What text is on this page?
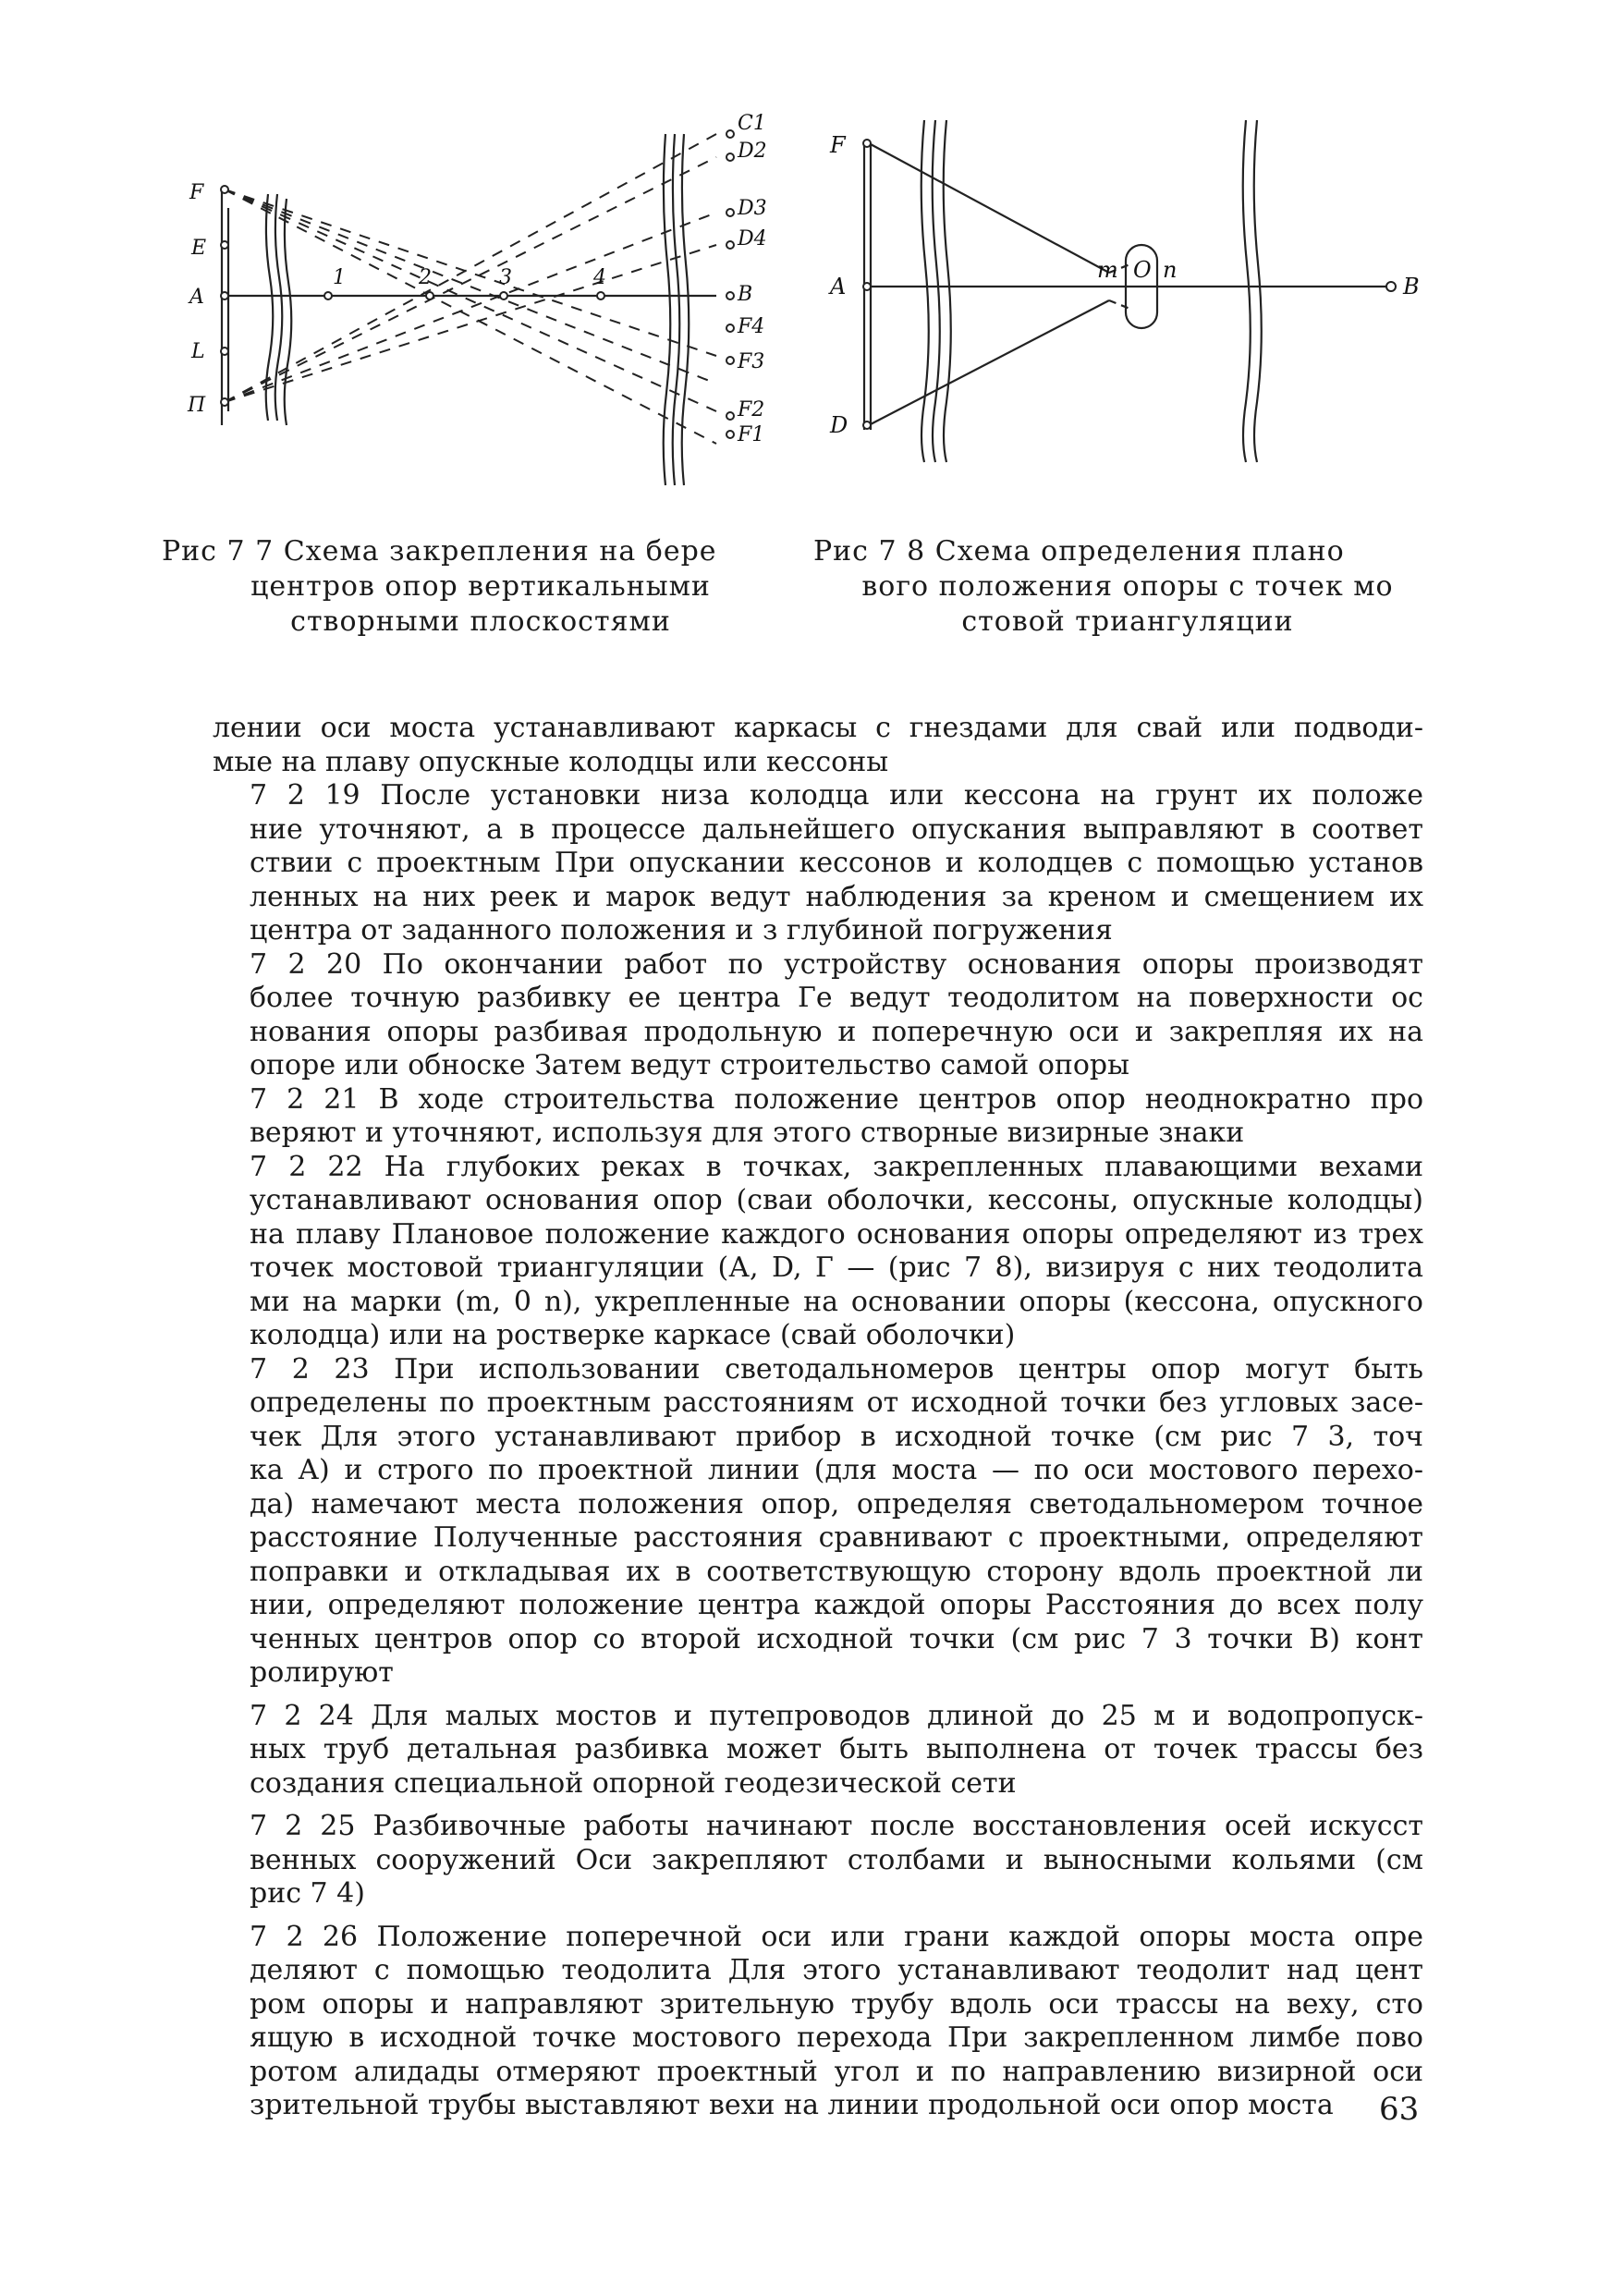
F
E
A
L
П
1	2	3	4
C1
D2
D3
D4
B
F4
F3
F2
F1
F
A
D
m O n
B
Рис 7 7 Схема закрепления на бере
центров опор вертикальными
створными плоскостями
Рис 7 8 Схема определения плано
вого положения опоры с точек мо
стовой триангуляции

лении оси моста устанавливают каркасы с гнездами для свай или подводи-
мые на плаву опускные колодцы или кессоны

7 2 19 После установки низа колодца или кессона на грунт их положе
ние уточняют, а в процессе дальнейшего опускания выправляют в соответ
ствии с проектным При опускании кессонов и колодцев с помощью установ
ленных на них реек и марок ведут наблюдения за креном и смещением их
центра от заданного положения и з глубиной погружения

7 2 20 По окончании работ по устройству основания опоры производят
более точную разбивку ее центра Ге ведут теодолитом на поверхности ос
нования опоры разбивая продольную и поперечную оси и закрепляя их на
опоре или обноске Затем ведут строительство самой опоры

7 2 21 В ходе строительства положение центров опор неоднократно про
веряют и уточняют, используя для этого створные визирные знаки

7 2 22 На глубоких реках в точках, закрепленных плавающими вехами
устанавливают основания опор (сваи оболочки, кессоны, опускные колодцы)
на плаву Плановое положение каждого основания опоры определяют из трех
точек мостовой триангуляции (А, D, Г — (рис 7 8), визируя с них теодолита
ми на марки (m, 0 n), укрепленные на основании опоры (кессона, опускного
колодца) или на ростверке каркасе (свай оболочки)

7 2 23 При использовании светодальномеров центры опор могут быть
определены по проектным расстояниям от исходной точки без угловых засе-
чек Для этого устанавливают прибор в исходной точке (см рис 7 3, точ
ка А) и строго по проектной линии (для моста — по оси мостового перехо-
да) намечают места положения опор, определяя светодальномером точное
расстояние Полученные расстояния сравнивают с проектными, определяют
поправки и откладывая их в соответствующую сторону вдоль проектной ли
нии, определяют положение центра каждой опоры Расстояния до всех полу
ченных центров опор со второй исходной точки (см рис 7 3 точки В) конт
ролируют

7 2 24 Для малых мостов и путепроводов длиной до 25 м и водопропуск-
ных труб детальная разбивка может быть выполнена от точек трассы без
создания специальной опорной геодезической сети

7 2 25 Разбивочные работы начинают после восстановления осей искусст
венных сооружений Оси закрепляют столбами и выносными кольями (см
рис 7 4)

7 2 26 Положение поперечной оси или грани каждой опоры моста опре
деляют с помощью теодолита Для этого устанавливают теодолит над цент
ром опоры и направляют зрительную трубу вдоль оси трассы на веху, сто
ящую в исходной точке мостового перехода При закрепленном лимбе пово
ротом алидады отмеряют проектный угол и по направлению визирной оси
зрительной трубы выставляют вехи на линии продольной оси опор моста	63
